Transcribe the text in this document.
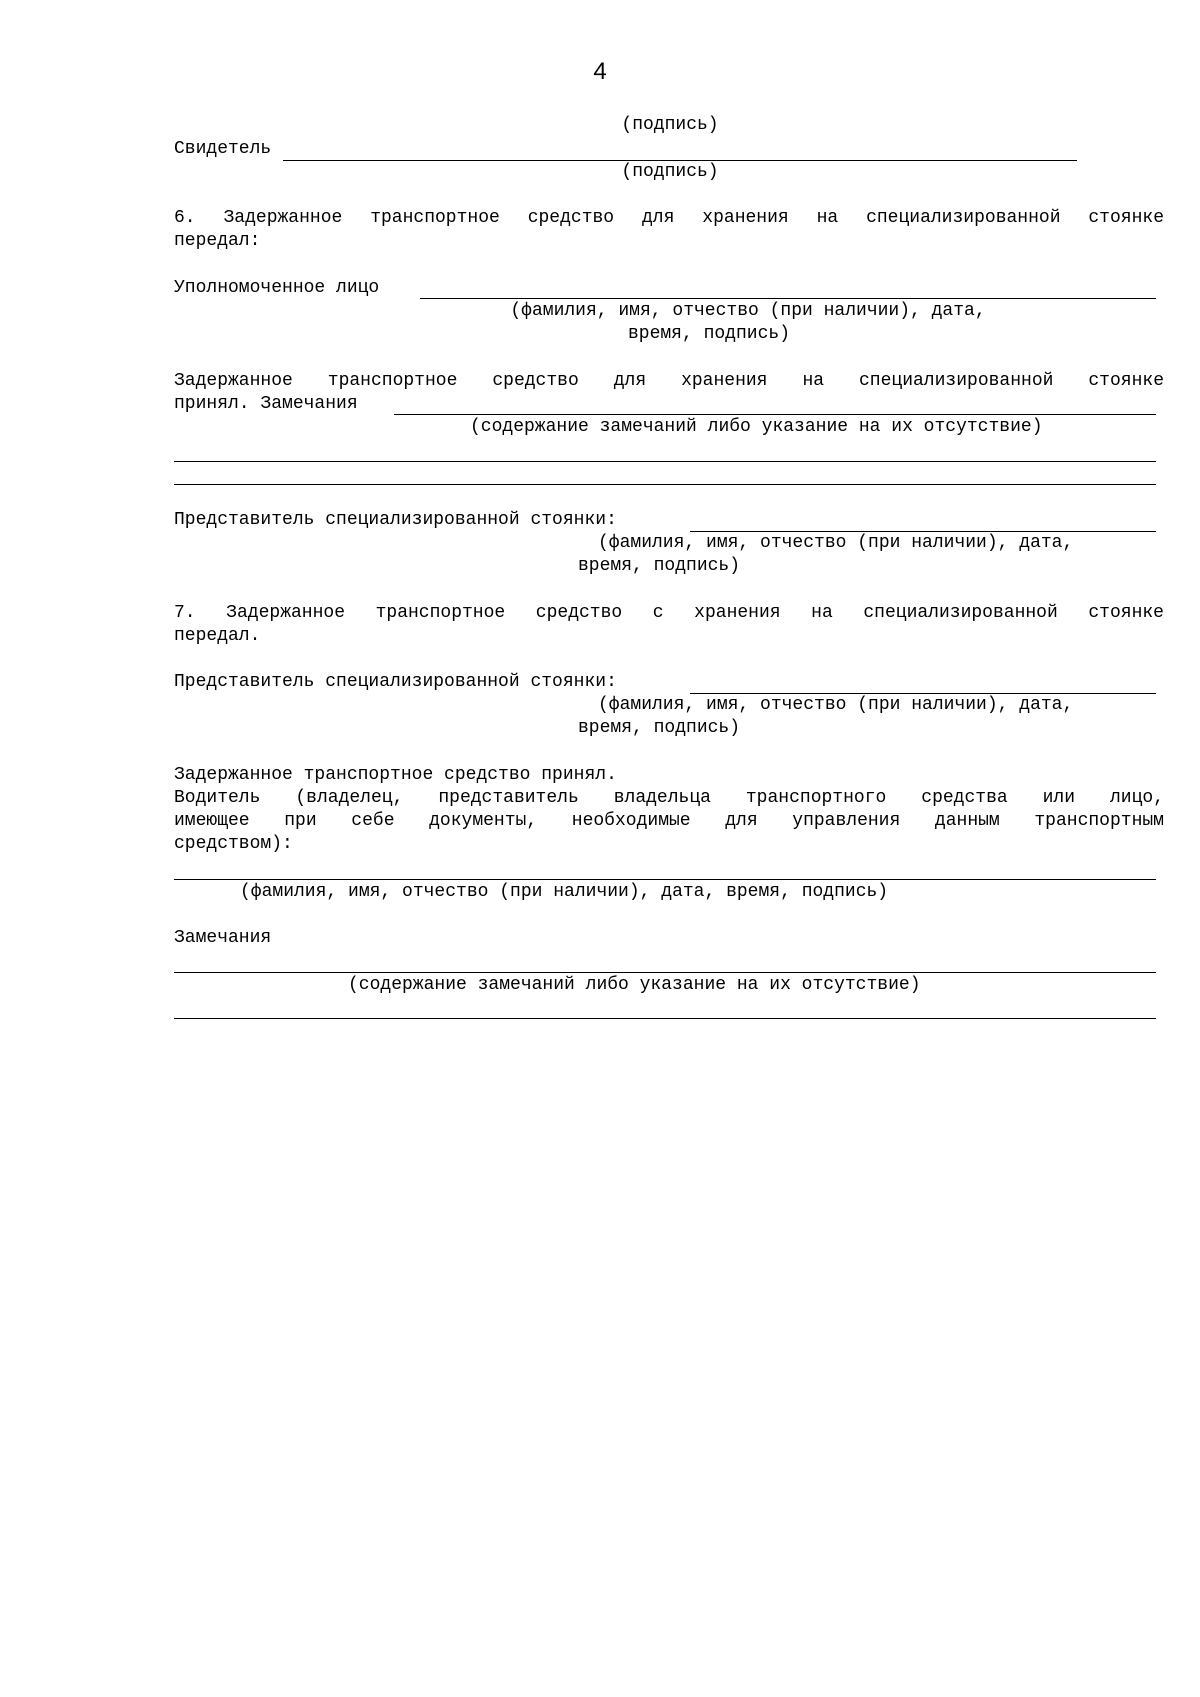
4
(подпись)
Свидетель
(подпись)
6. Задержанное транспортное средство для хранения на специализированной стоянке
передал:
Уполномоченное лицо
(фамилия, имя, отчество (при наличии), дата,
время, подпись)
Задержанное транспортное средство для хранения на специализированной стоянке
принял. Замечания
(содержание замечаний либо указание на их отсутствие)
Представитель специализированной стоянки:
(фамилия, имя, отчество (при наличии), дата,
время, подпись)
7. Задержанное транспортное средство с хранения на специализированной стоянке
передал.
Представитель специализированной стоянки:
(фамилия, имя, отчество (при наличии), дата,
время, подпись)
Задержанное транспортное средство принял.
Водитель (владелец, представитель владельца транспортного средства или лицо,
имеющее при себе документы, необходимые для управления данным транспортным
средством):
(фамилия, имя, отчество (при наличии), дата, время, подпись)
Замечания
(содержание замечаний либо указание на их отсутствие)
